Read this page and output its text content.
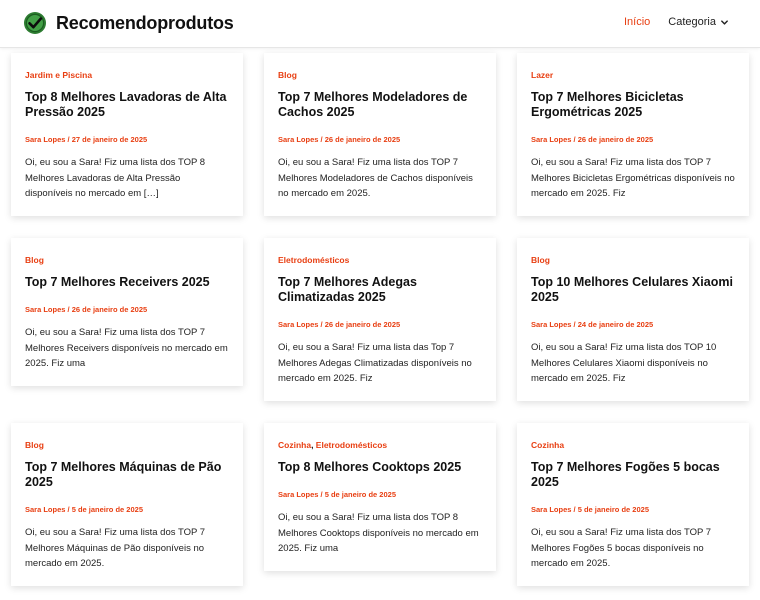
Recomendoprodutos	Início Categoria
Jardim e Piscina
Top 8 Melhores Lavadoras de Alta Pressão 2025
Sara Lopes / 27 de janeiro de 2025

Oi, eu sou a Sara! Fiz uma lista dos TOP 8 Melhores Lavadoras de Alta Pressão disponíveis no mercado em […]

Blog
Top 7 Melhores Modeladores de Cachos 2025
Sara Lopes / 26 de janeiro de 2025

Oi, eu sou a Sara! Fiz uma lista dos TOP 7 Melhores Modeladores de Cachos disponíveis no mercado em 2025.

Lazer
Top 7 Melhores Bicicletas Ergométricas 2025
Sara Lopes / 26 de janeiro de 2025

Oi, eu sou a Sara! Fiz uma lista dos TOP 7 Melhores Bicicletas Ergométricas disponíveis no mercado em 2025. Fiz

Blog
Top 7 Melhores Receivers 2025
Sara Lopes / 26 de janeiro de 2025

Oi, eu sou a Sara! Fiz uma lista dos TOP 7 Melhores Receivers disponíveis no mercado em 2025. Fiz uma

Eletrodomésticos
Top 7 Melhores Adegas Climatizadas 2025
Sara Lopes / 26 de janeiro de 2025

Oi, eu sou a Sara! Fiz uma lista das Top 7 Melhores Adegas Climatizadas disponíveis no mercado em 2025. Fiz

Blog
Top 10 Melhores Celulares Xiaomi 2025
Sara Lopes / 24 de janeiro de 2025

Oi, eu sou a Sara! Fiz uma lista dos TOP 10 Melhores Celulares Xiaomi disponíveis no mercado em 2025. Fiz

Blog
Top 7 Melhores Máquinas de Pão 2025
Sara Lopes / 5 de janeiro de 2025

Oi, eu sou a Sara! Fiz uma lista dos TOP 7 Melhores Máquinas de Pão disponíveis no mercado em 2025.

Cozinha, Eletrodomésticos
Top 8 Melhores Cooktops 2025
Sara Lopes / 5 de janeiro de 2025

Oi, eu sou a Sara! Fiz uma lista dos TOP 8 Melhores Cooktops disponíveis no mercado em 2025. Fiz uma

Cozinha
Top 7 Melhores Fogões 5 bocas 2025
Sara Lopes / 5 de janeiro de 2025

Oi, eu sou a Sara! Fiz uma lista dos TOP 7 Melhores Fogões 5 bocas disponíveis no mercado em 2025.
